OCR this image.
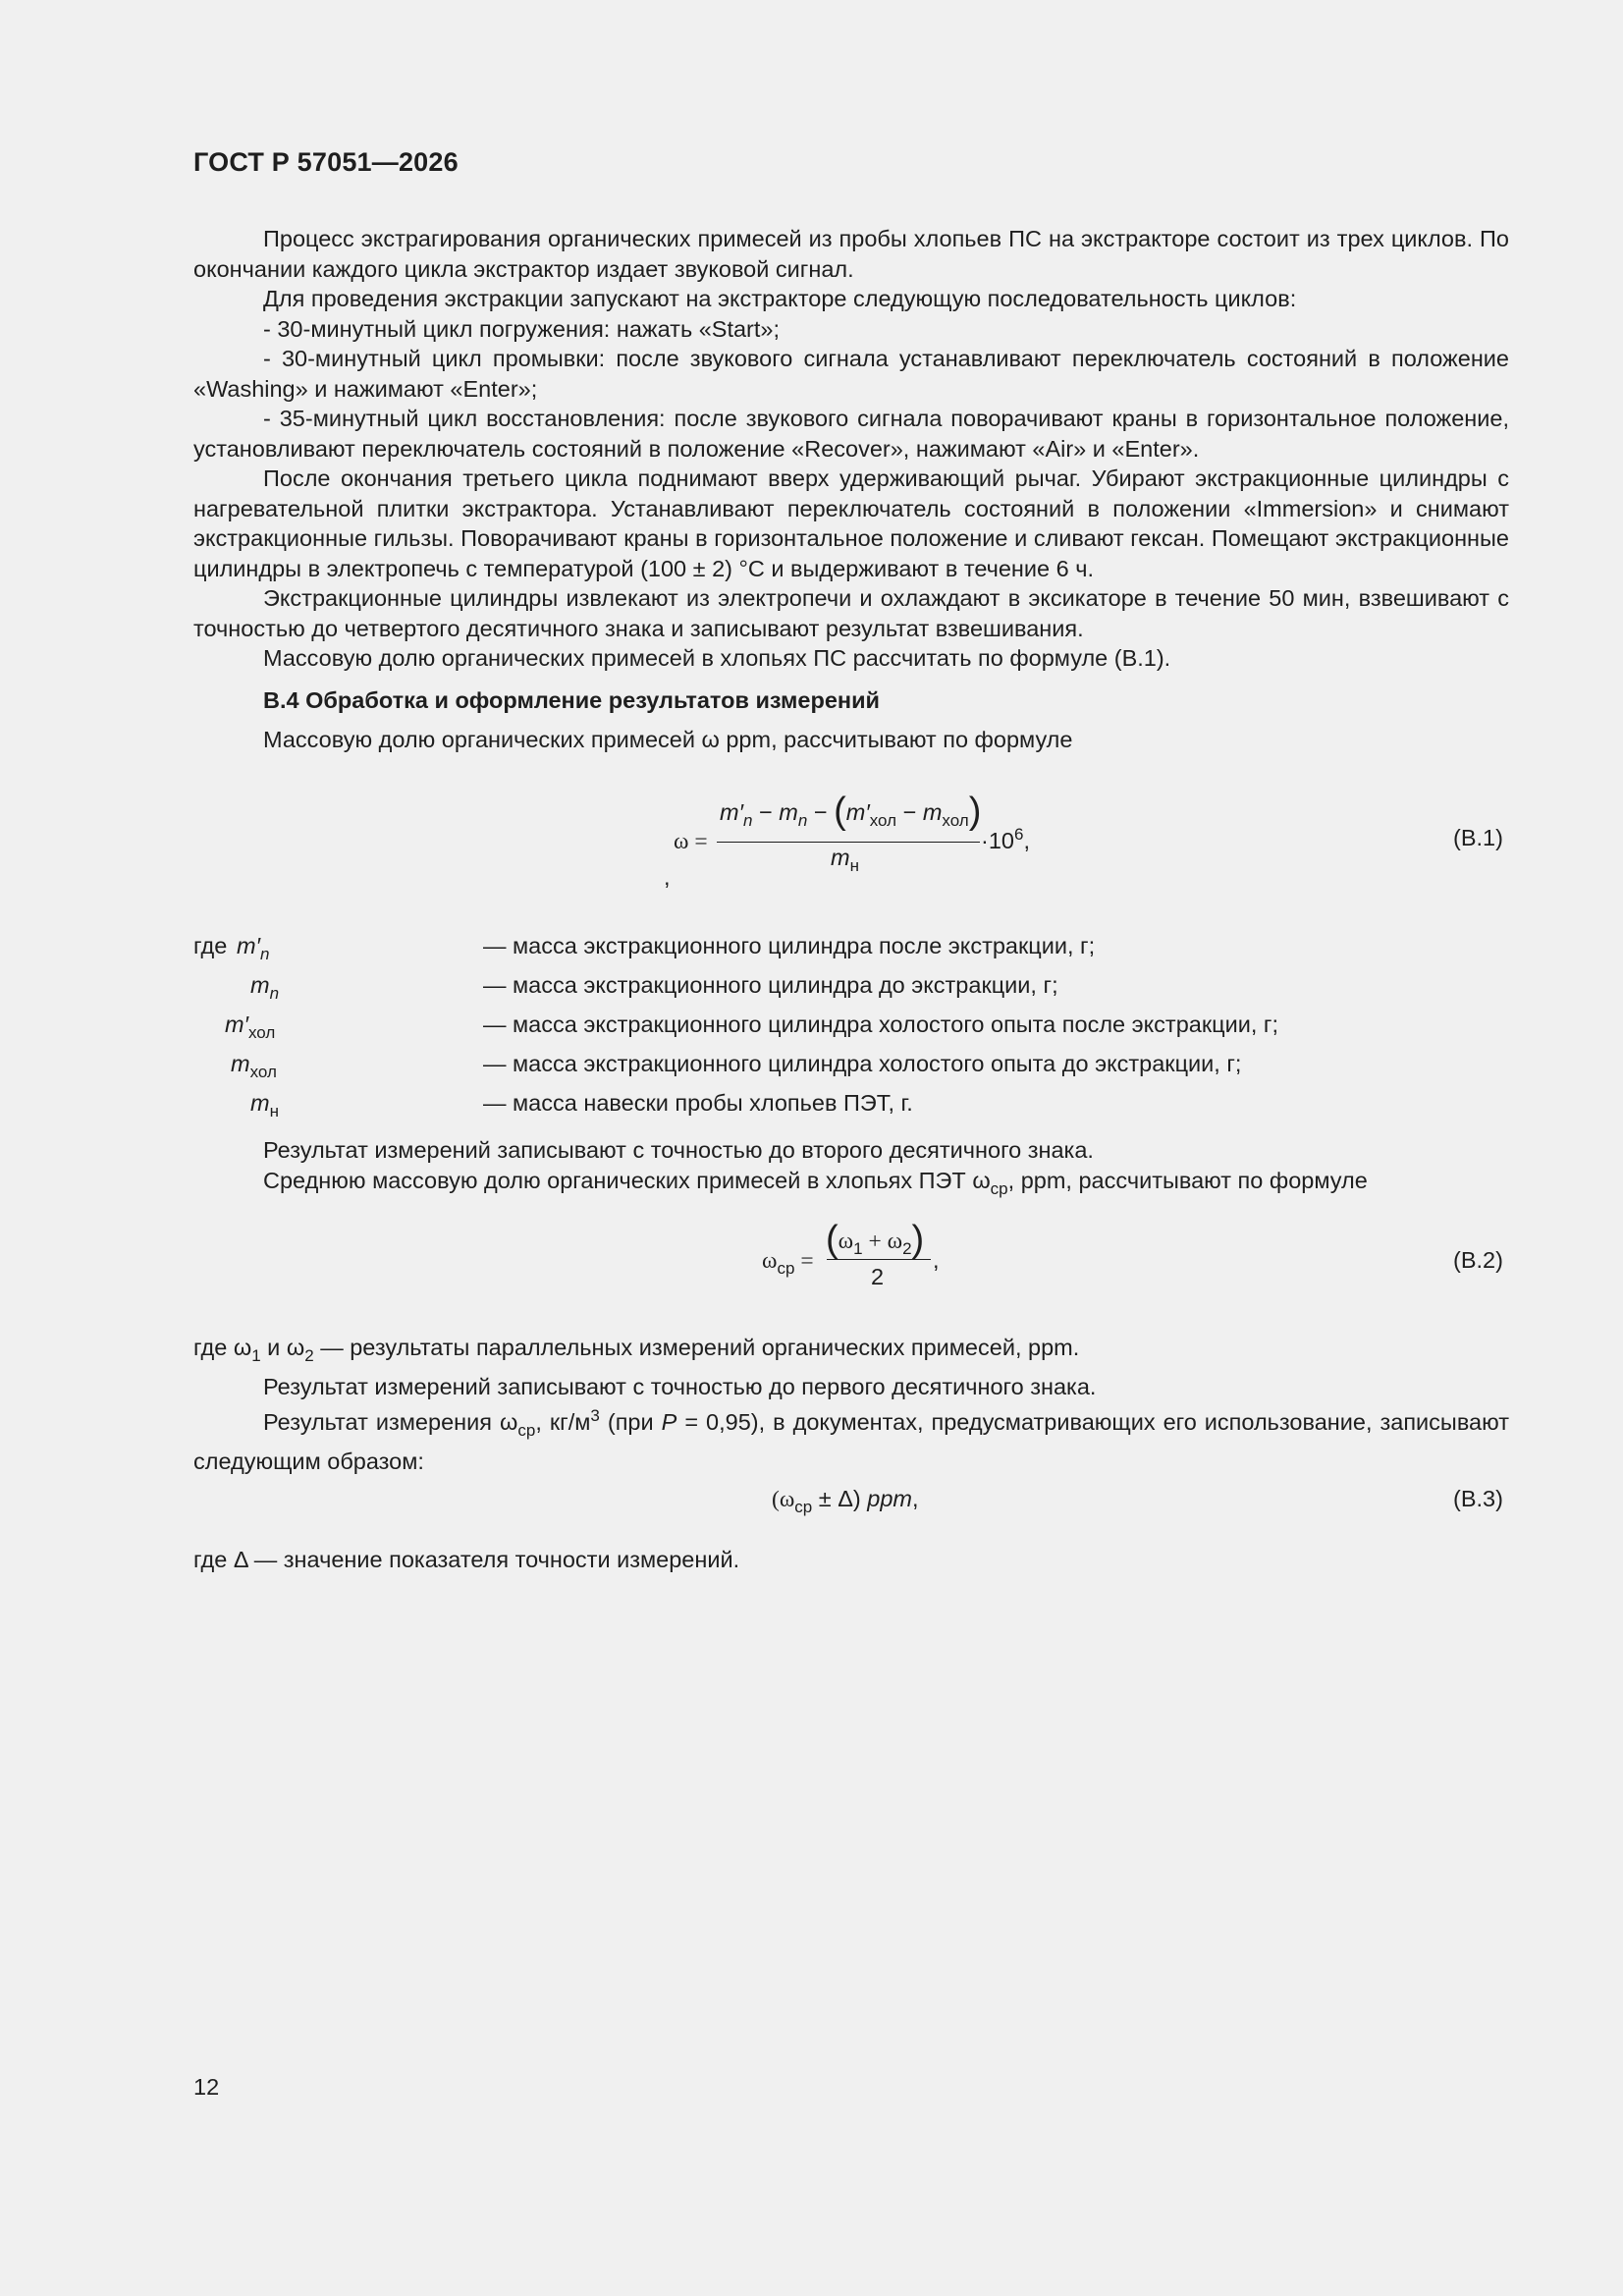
ГОСТ Р 57051—2026

Процесс экстрагирования органических примесей из пробы хлопьев ПС на экстракторе состоит из трех циклов. По окончании каждого цикла экстрактор издает звуковой сигнал.

Для проведения экстракции запускают на экстракторе следующую последовательность циклов:

- 30-минутный цикл погружения: нажать «Start»;

- 30-минутный цикл промывки: после звукового сигнала устанавливают переключатель состояний в положение «Washing» и нажимают «Enter»;

- 35-минутный цикл восстановления: после звукового сигнала поворачивают краны в горизонтальное положение, установливают переключатель состояний в положение «Recover», нажимают «Air» и «Enter».

После окончания третьего цикла поднимают вверх удерживающий рычаг. Убирают экстракционные цилиндры с нагревательной плитки экстрактора. Устанавливают переключатель состояний в положении «Immersion» и снимают экстракционные гильзы. Поворачивают краны в горизонтальное положение и сливают гексан. Помещают экстракционные цилиндры в электропечь с температурой (100 ± 2) °С и выдерживают в течение 6 ч.

Экстракционные цилиндры извлекают из электропечи и охлаждают в эксикаторе в течение 50 мин, взвешивают с точностью до четвертого десятичного знака и записывают результат взвешивания.

Массовую долю органических примесей в хлопьях ПС рассчитать по формуле (В.1).

В.4 Обработка и оформление результатов измерений

Массовую долю органических примесей ω ppm, рассчитывают по формуле

ω =
$m'_n - m_n - (m'_{хол} - m_{хол})$
$m_н$
$\cdot 10^6$,
,
(В.1)
где $m'_n$	— масса экстракционного цилиндра после экстракции, г;
$m_n$	— масса экстракционного цилиндра до экстракции, г;
$m'_{хол}$	— масса экстракционного цилиндра холостого опыта после экстракции, г;
$m_{хол}$	— масса экстракционного цилиндра холостого опыта до экстракции, г;
$m_н$	— масса навески пробы хлопьев ПЭТ, г.

Результат измерений записывают с точностью до второго десятичного знака.

Среднюю массовую долю органических примесей в хлопьях ПЭТ $\omega_{ср}$, ppm, рассчитывают по формуле

$\omega_{ср}$ =
$(\omega_1 + \omega_2)$
2
,	(В.2)

где $\omega_1$ и $\omega_2$ — результаты параллельных измерений органических примесей, ppm.

Результат измерений записывают с точностью до первого десятичного знака.

Результат измерения $\omega_{ср}$, $кг/м^3$ (при Р = 0,95), в документах, предусматривающих его использование, записывают следующим образом:

$(\omega_{ср} \pm \Delta)$ ppm,	(В.3)
где Δ — значение показателя точности измерений.
12
